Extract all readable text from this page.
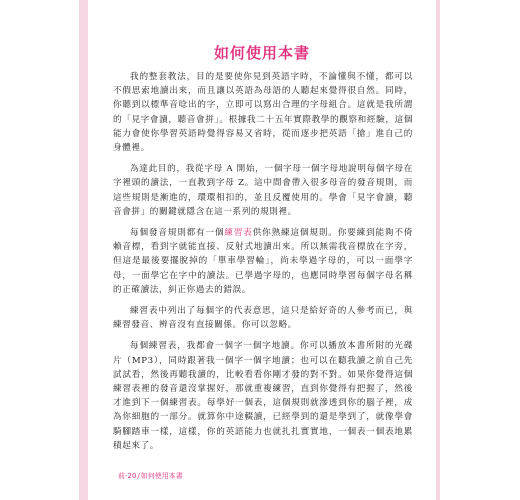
如何使用本書

我的整套教法，目的是要使你見到英語字時，不論懂與不懂，都可以不假思索地讀出來，而且讓以英語為母語的人聽起來覺得很自然。同時，你聽到以標準音唸出的字，立即可以寫出合理的字母組合。這就是我所謂的「見字會讀，聽音會拼」。根據我二十五年實際教學的觀察和經驗，這個能力會使你學習英語時覺得容易又省時，從而逐步把英語「搶」進自己的身體裡。

為達此目的，我從字母 A 開始，一個字母一個字母地說明每個字母在字裡頭的讀法，一直教到字母 Z。這中間會帶入很多母音的發音規則，而這些規則是漸進的，環環相扣的，並且反覆使用的。學會「見字會讀，聽音會拼」的關鍵就隱含在這一系列的規則裡。

每個發音規則都有一個練習表供你熟練這個規則。你要練到能夠不倚賴音標，看到字就能直接、反射式地讀出來。所以無需我音標放在字旁，但這是最後要擺脫掉的「單車學習輪」，尚未學過字母的，可以一面學字母，一面學它在字中的讀法。已學過字母的，也應同時學習每個字母名稱的正確讀法，糾正你過去的錯誤。

練習表中列出了每個字的代表意思，這只是給好奇的人參考而已，與練習發音、辨音沒有直接關係。你可以忽略。

每個練習表，我都會一個字一個字地讀。你可以播放本書所附的光碟片（MP3），同時跟著我一個字一個字地讀；也可以在聽我讀之前自己先試試看，然後再聽我讀的，比較看看你剛才發的對不對。如果你覺得這個練習表裡的發音還沒掌握好，那就重複練習，直到你覺得有把握了，然後才進到下一個練習表。每學好一個表，這個規則就滲透到你的腦子裡，成為你細胞的一部分。就算你中途輟讀，已經學到的還是學到了，就像學會騎腳踏車一樣，這樣，你的英語能力也就扎扎實實地，一個表一個表地累積起來了。

前-20/如何使用本書
